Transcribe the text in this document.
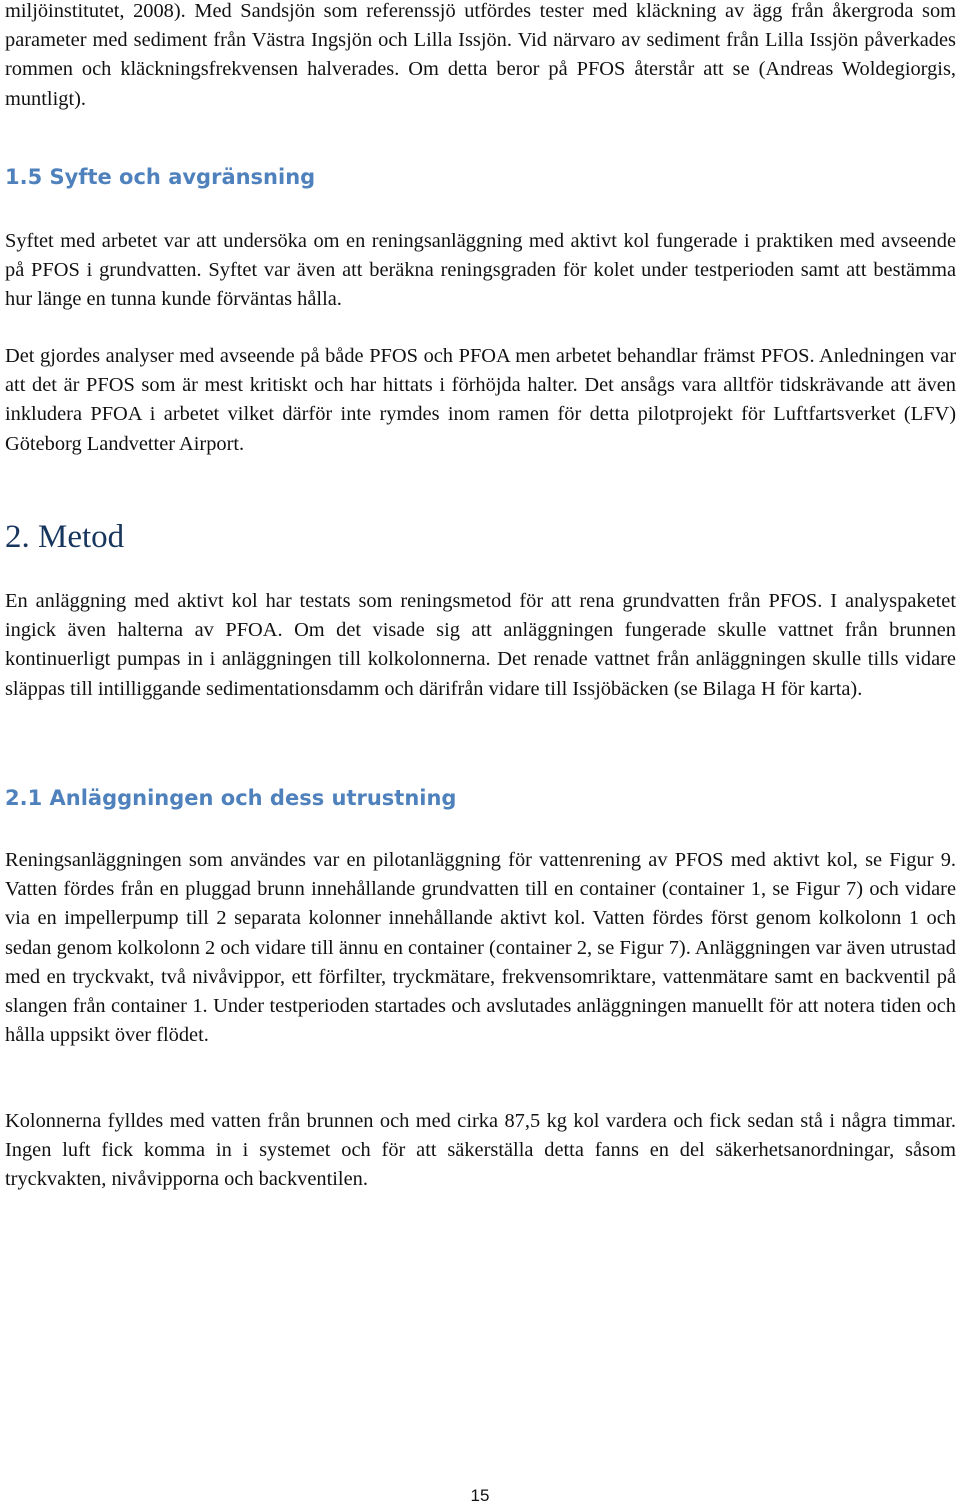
miljöinstitutet, 2008). Med Sandsjön som referenssjö utfördes tester med kläckning av ägg från åkergroda som parameter med sediment från Västra Ingsjön och Lilla Issjön. Vid närvaro av sediment från Lilla Issjön påverkades rommen och kläckningsfrekvensen halverades. Om detta beror på PFOS återstår att se (Andreas Woldegiorgis, muntligt).

1.5 Syfte och avgränsning

Syftet med arbetet var att undersöka om en reningsanläggning med aktivt kol fungerade i praktiken med avseende på PFOS i grundvatten. Syftet var även att beräkna reningsgraden för kolet under testperioden samt att bestämma hur länge en tunna kunde förväntas hålla.

Det gjordes analyser med avseende på både PFOS och PFOA men arbetet behandlar främst PFOS. Anledningen var att det är PFOS som är mest kritiskt och har hittats i förhöjda halter. Det ansågs vara alltför tidskrävande att även inkludera PFOA i arbetet vilket därför inte rymdes inom ramen för detta pilotprojekt för Luftfartsverket (LFV) Göteborg Landvetter Airport.

2. Metod

En anläggning med aktivt kol har testats som reningsmetod för att rena grundvatten från PFOS. I analyspaketet ingick även halterna av PFOA. Om det visade sig att anläggningen fungerade skulle vattnet från brunnen kontinuerligt pumpas in i anläggningen till kolkolonnerna. Det renade vattnet från anläggningen skulle tills vidare släppas till intilliggande sedimentationsdamm och därifrån vidare till Issjöbäcken (se Bilaga H för karta).

2.1 Anläggningen och dess utrustning

Reningsanläggningen som användes var en pilotanläggning för vattenrening av PFOS med aktivt kol, se Figur 9. Vatten fördes från en pluggad brunn innehållande grundvatten till en container (container 1, se Figur 7) och vidare via en impellerpump till 2 separata kolonner innehållande aktivt kol. Vatten fördes först genom kolkolonn 1 och sedan genom kolkolonn 2 och vidare till ännu en container (container 2, se Figur 7). Anläggningen var även utrustad med en tryckvakt, två nivåvippor, ett förfilter, tryckmätare, frekvensomriktare, vattenmätare samt en backventil på slangen från container 1. Under testperioden startades och avslutades anläggningen manuellt för att notera tiden och hålla uppsikt över flödet.

Kolonnerna fylldes med vatten från brunnen och med cirka 87,5 kg kol vardera och fick sedan stå i några timmar. Ingen luft fick komma in i systemet och för att säkerställa detta fanns en del säkerhetsanordningar, såsom tryckvakten, nivåvipporna och backventilen.

15
